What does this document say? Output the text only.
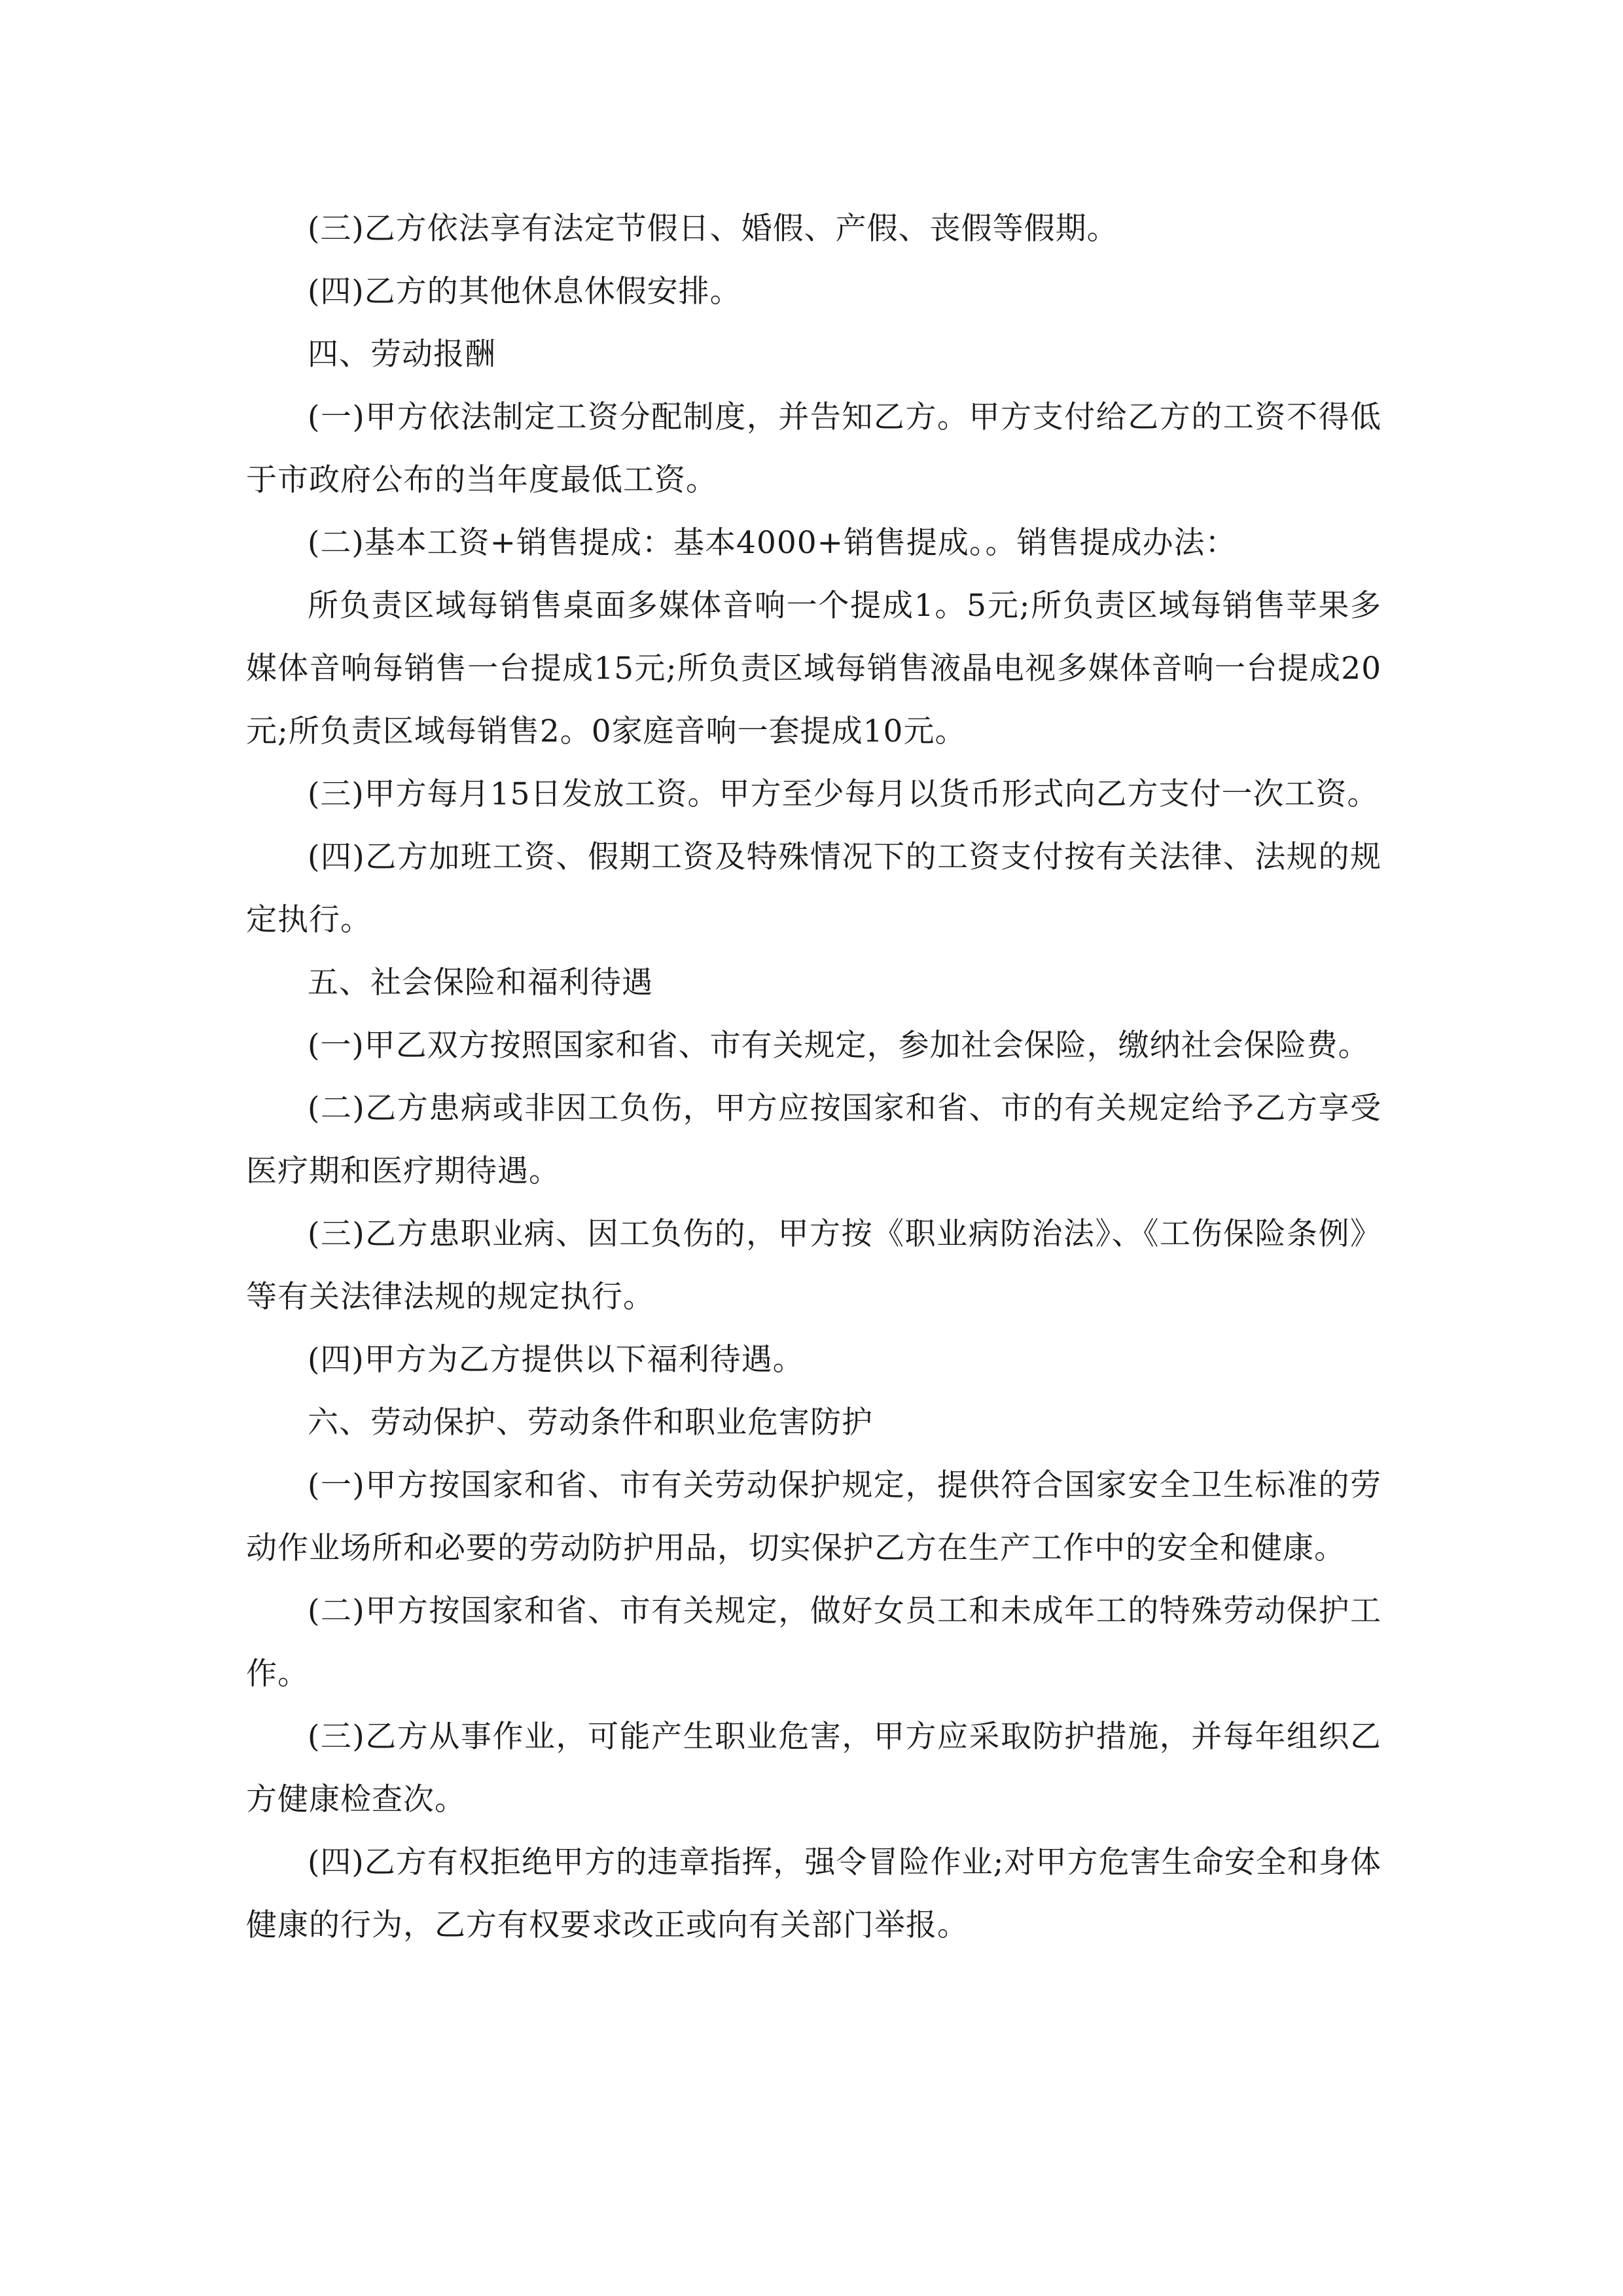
(三)乙方依法享有法定节假日、婚假、产假、丧假等假期。

(四)乙方的其他休息休假安排。

四、劳动报酬

(一)甲方依法制定工资分配制度，并告知乙方。甲方支付给乙方的工资不得低于市政府公布的当年度最低工资。

(二)基本工资+销售提成：基本4000+销售提成。。销售提成办法：

所负责区域每销售桌面多媒体音响一个提成1。5元;所负责区域每销售苹果多媒体音响每销售一台提成15元;所负责区域每销售液晶电视多媒体音响一台提成20元;所负责区域每销售2。0家庭音响一套提成10元。

(三)甲方每月15日发放工资。甲方至少每月以货币形式向乙方支付一次工资。

(四)乙方加班工资、假期工资及特殊情况下的工资支付按有关法律、法规的规定执行。

五、社会保险和福利待遇

(一)甲乙双方按照国家和省、市有关规定，参加社会保险，缴纳社会保险费。

(二)乙方患病或非因工负伤，甲方应按国家和省、市的有关规定给予乙方享受医疗期和医疗期待遇。

(三)乙方患职业病、因工负伤的，甲方按《职业病防治法》、《工伤保险条例》等有关法律法规的规定执行。

(四)甲方为乙方提供以下福利待遇。

六、劳动保护、劳动条件和职业危害防护

(一)甲方按国家和省、市有关劳动保护规定，提供符合国家安全卫生标准的劳动作业场所和必要的劳动防护用品，切实保护乙方在生产工作中的安全和健康。

(二)甲方按国家和省、市有关规定，做好女员工和未成年工的特殊劳动保护工作。

(三)乙方从事作业，可能产生职业危害，甲方应采取防护措施，并每年组织乙方健康检查次。

(四)乙方有权拒绝甲方的违章指挥，强令冒险作业;对甲方危害生命安全和身体健康的行为，乙方有权要求改正或向有关部门举报。
